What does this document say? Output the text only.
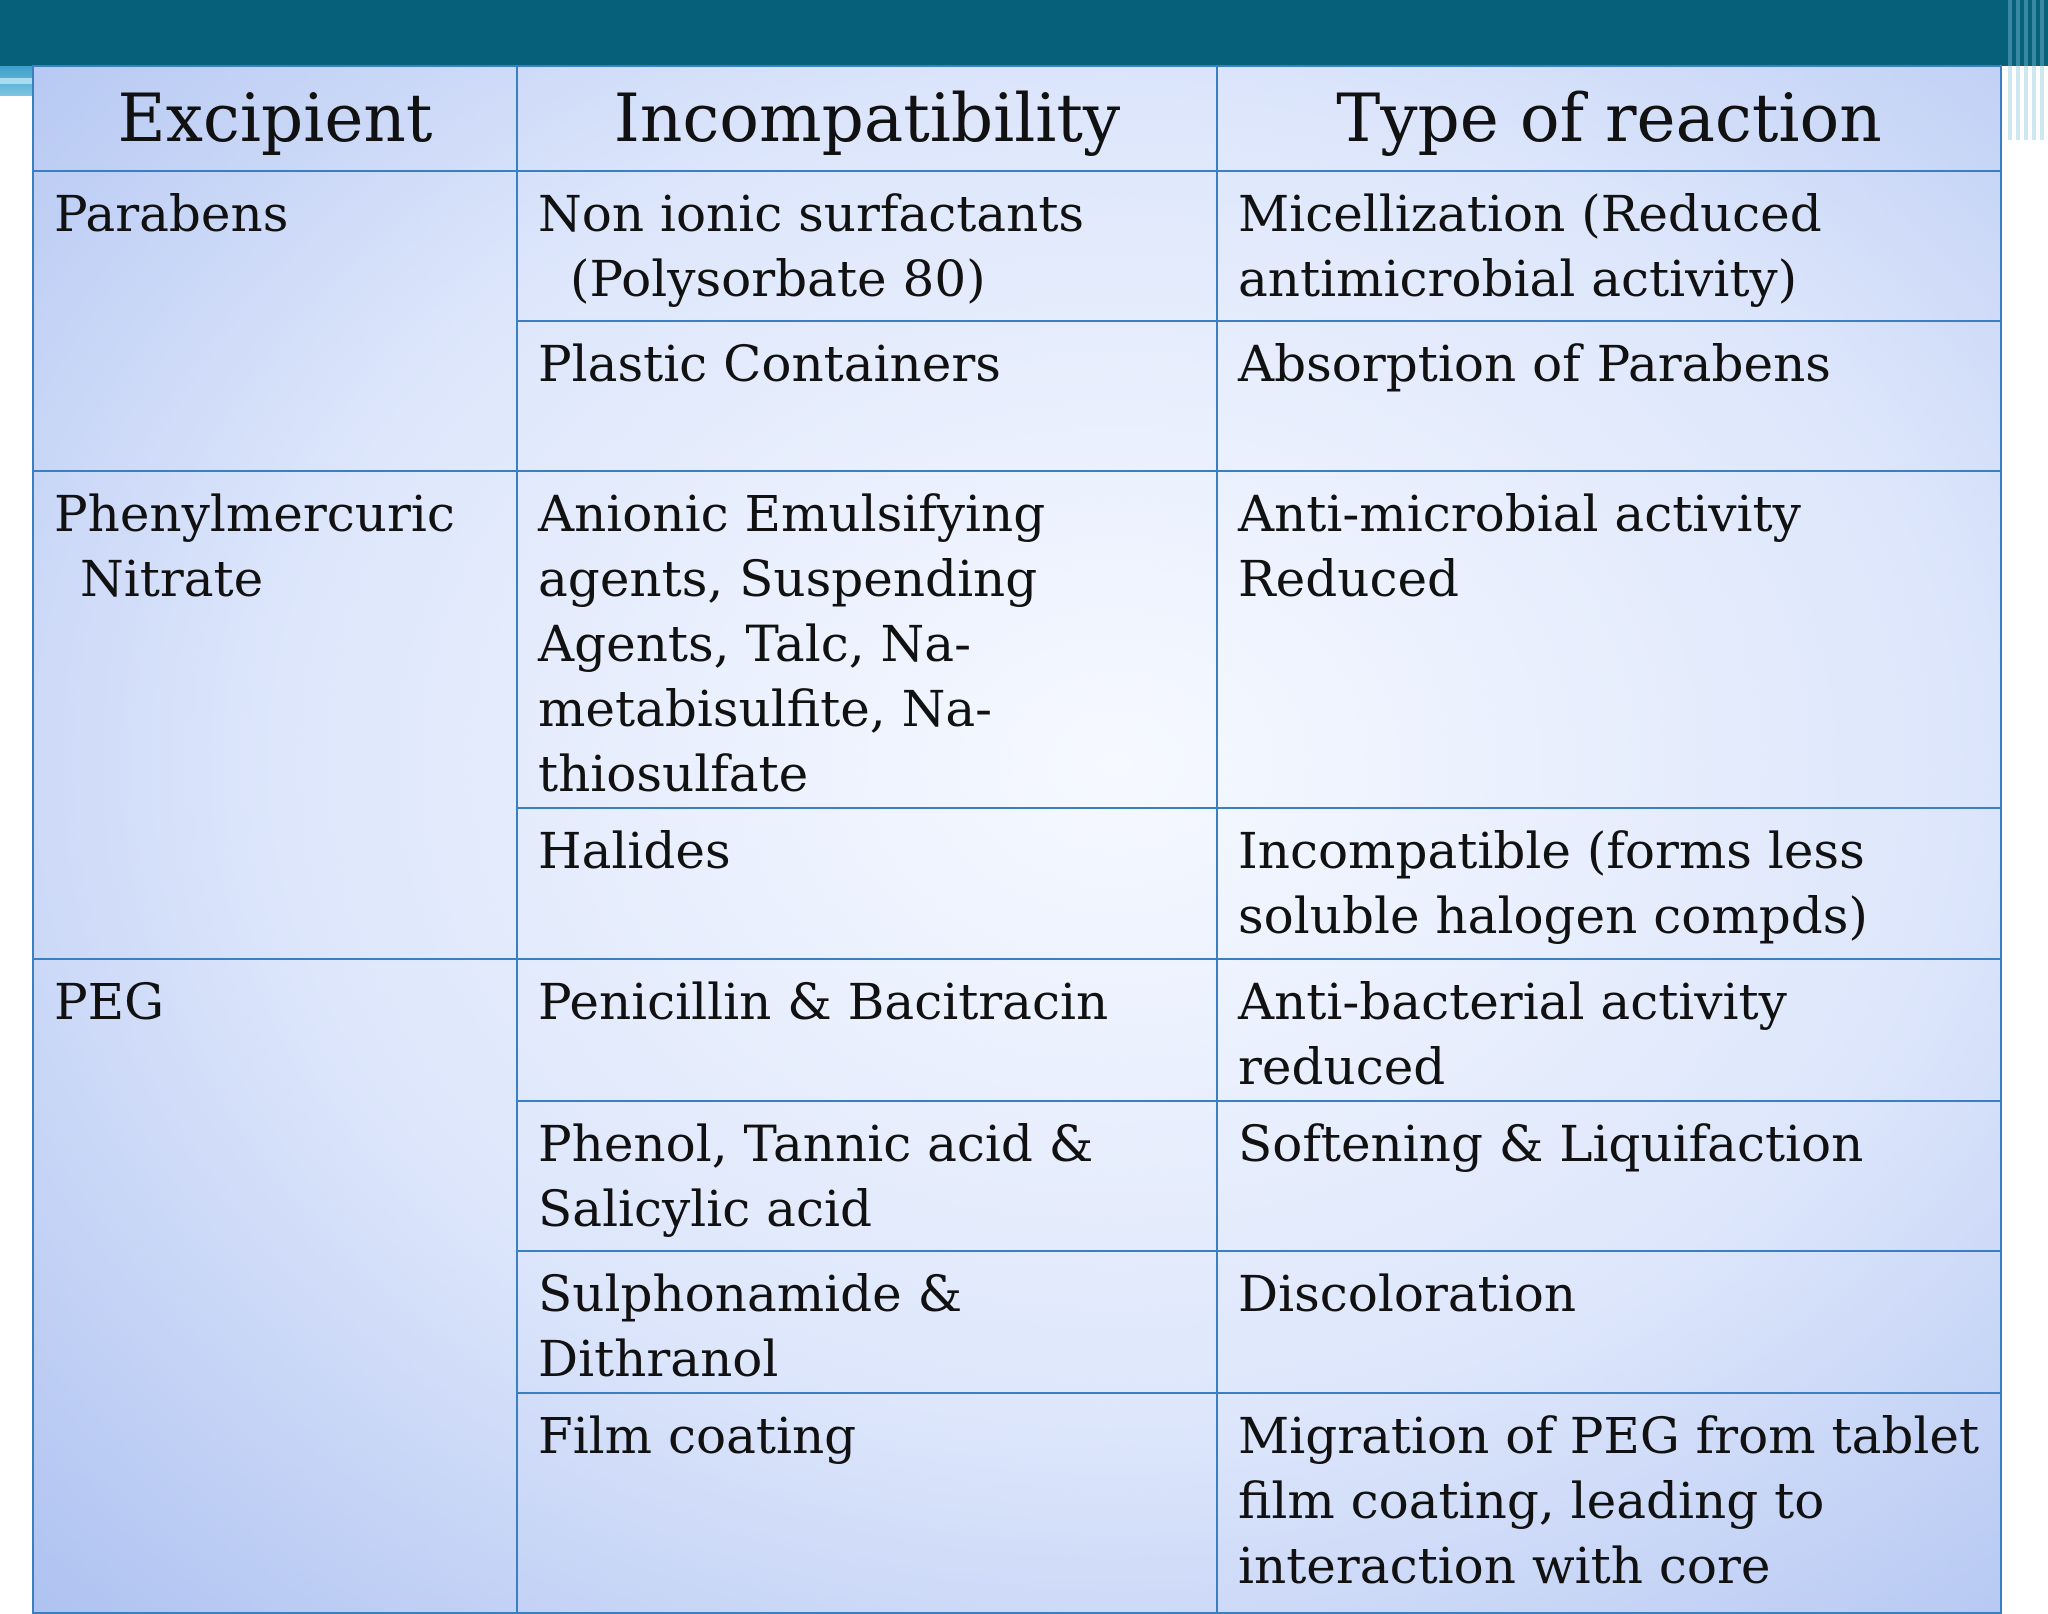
Excipient	Incompatibility	Type of reaction
Parabens	Non ionic surfactants (Polysorbate 80)	Micellization (Reduced antimicrobial activity)
	Plastic Containers	Absorption of Parabens
Phenylmercuric Nitrate	Anionic Emulsifying agents, Suspending Agents, Talc, Na-metabisulfite, Na-thiosulfate	Anti-microbial activity Reduced
	Halides	Incompatible (forms less soluble halogen compds)
PEG	Penicillin & Bacitracin	Anti-bacterial activity reduced
	Phenol, Tannic acid & Salicylic acid	Softening & Liquifaction
	Sulphonamide & Dithranol	Discoloration
	Film coating	Migration of PEG from tablet film coating, leading to interaction with core
